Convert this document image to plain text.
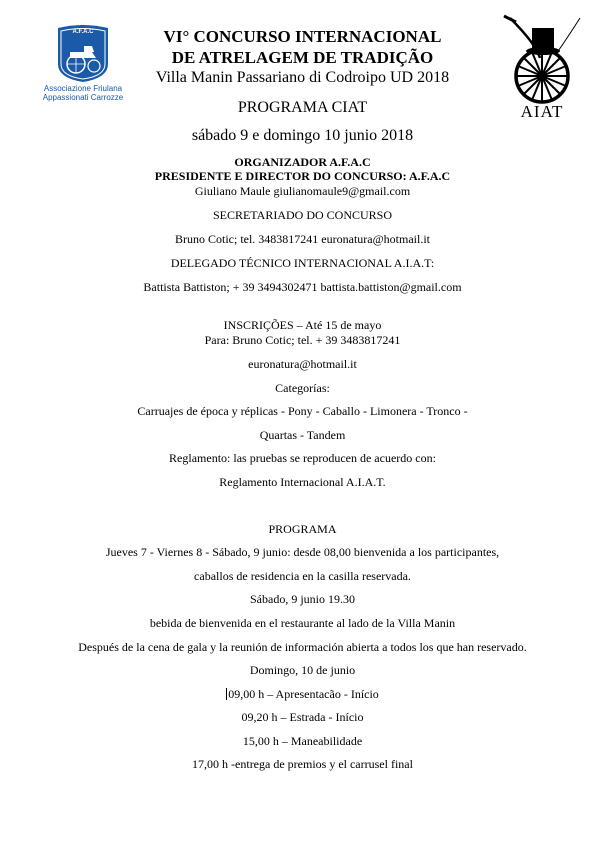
A.F.A.C
Associazione Friulana
Appassionati Carrozze
AIAT
VI° CONCURSO INTERNACIONAL
DE ATRELAGEM DE TRADIÇÃO
Villa Manin Passariano di Codroipo UD 2018
PROGRAMA CIAT
sábado 9 e domingo 10 junio 2018
ORGANIZADOR A.F.A.C
PRESIDENTE E DIRECTOR DO CONCURSO: A.F.A.C
Giuliano Maule giulianomaule9@gmail.com
SECRETARIADO DO CONCURSO
Bruno Cotic; tel. 3483817241 euronatura@hotmail.it
DELEGADO TÉCNICO INTERNACIONAL A.I.A.T:
Battista Battiston; + 39 3494302471 battista.battiston@gmail.com
INSCRIÇÕES – Até 15 de mayo
Para: Bruno Cotic; tel. + 39 3483817241
euronatura@hotmail.it
Categorías:
Carruajes de época y réplicas - Pony - Caballo - Limonera - Tronco -
Quartas - Tandem
Reglamento: las pruebas se reproducen de acuerdo con:
Reglamento Internacional A.I.A.T.
PROGRAMA
Jueves 7 - Viernes 8 - Sábado, 9 junio: desde 08,00 bienvenida a los participantes,
caballos de residencia en la casilla reservada.
Sábado, 9 junio 19.30
bebida de bienvenida en el restaurante al lado de la Villa Manin
Después de la cena de gala y la reunión de información abierta a todos los que han reservado.
Domingo, 10 de junio
09,00 h – Apresentacão - Início
09,20 h – Estrada - Início
15,00 h – Maneabilidade
17,00 h -entrega de premios y el carrusel final
